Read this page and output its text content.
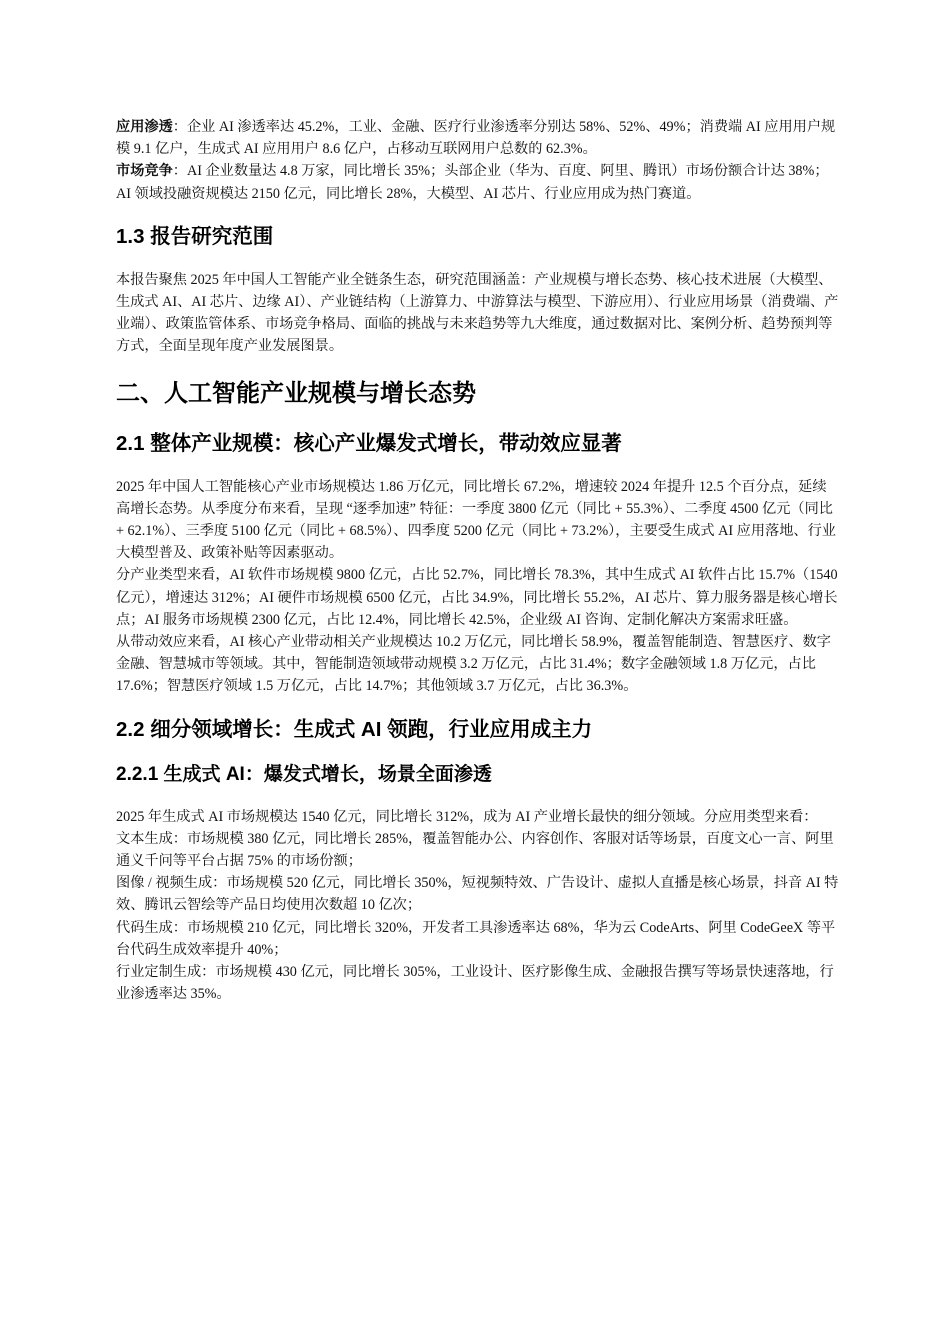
应用渗透：企业 AI 渗透率达 45.2%，工业、金融、医疗行业渗透率分别达 58%、52%、49%；消费端 AI 应用用户规模 9.1 亿户，生成式 AI 应用用户 8.6 亿户，占移动互联网用户总数的 62.3%。

市场竞争：AI 企业数量达 4.8 万家，同比增长 35%；头部企业（华为、百度、阿里、腾讯）市场份额合计达 38%；AI 领域投融资规模达 2150 亿元，同比增长 28%，大模型、AI 芯片、行业应用成为热门赛道。

1.3 报告研究范围

本报告聚焦 2025 年中国人工智能产业全链条生态，研究范围涵盖：产业规模与增长态势、核心技术进展（大模型、生成式 AI、AI 芯片、边缘 AI）、产业链结构（上游算力、中游算法与模型、下游应用）、行业应用场景（消费端、产业端）、政策监管体系、市场竞争格局、面临的挑战与未来趋势等九大维度，通过数据对比、案例分析、趋势预判等方式，全面呈现年度产业发展图景。

二、人工智能产业规模与增长态势
2.1 整体产业规模：核心产业爆发式增长，带动效应显著

2025 年中国人工智能核心产业市场规模达 1.86 万亿元，同比增长 67.2%，增速较 2024 年提升 12.5 个百分点，延续高增长态势。从季度分布来看，呈现 “逐季加速” 特征：一季度 3800 亿元（同比 + 55.3%）、二季度 4500 亿元（同比 + 62.1%）、三季度 5100 亿元（同比 + 68.5%）、四季度 5200 亿元（同比 + 73.2%），主要受生成式 AI 应用落地、行业大模型普及、政策补贴等因素驱动。

分产业类型来看，AI 软件市场规模 9800 亿元，占比 52.7%，同比增长 78.3%，其中生成式 AI 软件占比 15.7%（1540 亿元），增速达 312%；AI 硬件市场规模 6500 亿元，占比 34.9%，同比增长 55.2%，AI 芯片、算力服务器是核心增长点；AI 服务市场规模 2300 亿元，占比 12.4%，同比增长 42.5%，企业级 AI 咨询、定制化解决方案需求旺盛。

从带动效应来看，AI 核心产业带动相关产业规模达 10.2 万亿元，同比增长 58.9%，覆盖智能制造、智慧医疗、数字金融、智慧城市等领域。其中，智能制造领域带动规模 3.2 万亿元，占比 31.4%；数字金融领域 1.8 万亿元，占比 17.6%；智慧医疗领域 1.5 万亿元，占比 14.7%；其他领域 3.7 万亿元，占比 36.3%。

2.2 细分领域增长：生成式 AI 领跑，行业应用成主力
2.2.1 生成式 AI：爆发式增长，场景全面渗透

2025 年生成式 AI 市场规模达 1540 亿元，同比增长 312%，成为 AI 产业增长最快的细分领域。分应用类型来看：

文本生成：市场规模 380 亿元，同比增长 285%，覆盖智能办公、内容创作、客服对话等场景，百度文心一言、阿里通义千问等平台占据 75% 的市场份额；

图像 / 视频生成：市场规模 520 亿元，同比增长 350%，短视频特效、广告设计、虚拟人直播是核心场景，抖音 AI 特效、腾讯云智绘等产品日均使用次数超 10 亿次；

代码生成：市场规模 210 亿元，同比增长 320%，开发者工具渗透率达 68%，华为云 CodeArts、阿里 CodeGeeX 等平台代码生成效率提升 40%；

行业定制生成：市场规模 430 亿元，同比增长 305%，工业设计、医疗影像生成、金融报告撰写等场景快速落地，行业渗透率达 35%。
